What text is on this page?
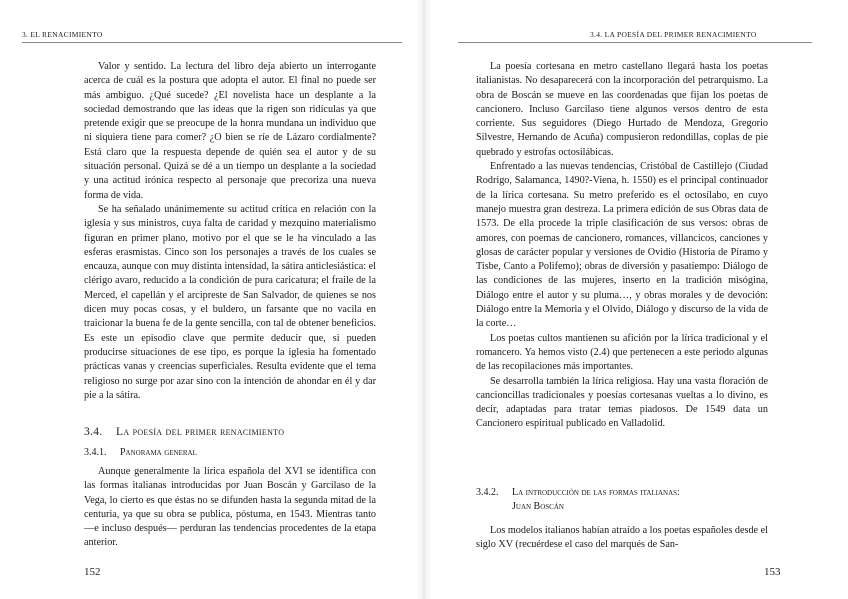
3. EL RENACIMIENTO

Valor y sentido. La lectura del libro deja abierto un interrogante acerca de cuál es la postura que adopta el autor. El final no puede ser más ambiguo. ¿Qué sucede? ¿El novelista hace un desplante a la sociedad demostrando que las ideas que la rigen son ridículas ya que pretende exigir que se preocupe de la honra mundana un individuo que ni siquiera tiene para comer? ¿O bien se ríe de Lázaro cordialmente? Está claro que la respuesta depende de quién sea el autor y de su situación personal. Quizá se dé a un tiempo un desplante a la sociedad y una actitud irónica respecto al personaje que precoriza una nueva forma de vida.

Se ha señalado unánimemente su actitud crítica en relación con la iglesia y sus ministros, cuya falta de caridad y mezquino materialismo figuran en primer plano, motivo por el que se le ha vinculado a las esferas erasmistas. Cinco son los personajes a través de los cuales se encauza, aunque con muy distinta intensidad, la sátira anticlesiástica: el clérigo avaro, reducido a la condición de pura caricatura; el fraile de la Merced, el capellán y el arcipreste de San Salvador, de quienes se nos dicen muy pocas cosas, y el buldero, un farsante que no vacila en traicionar la buena fe de la gente sencilla, con tal de obtener beneficios. Es este un episodio clave que permite deducir que, si pueden producirse situaciones de ese tipo, es porque la iglesia ha fomentado prácticas vanas y creencias superficiales. Resulta evidente que el tema religioso no surge por azar sino con la intención de ahondar en él y dar pie a la sátira.

3.4. La poesía del primer renacimiento
3.4.1. Panorama general

Aunque generalmente la lírica española del XVI se identifica con las formas italianas introducidas por Juan Boscán y Garcilaso de la Vega, lo cierto es que éstas no se difunden hasta la segunda mitad de la centuria, ya que su obra se publica, póstuma, en 1543. Mientras tanto —e incluso después— perduran las tendencias procedentes de la etapa anterior.

152
3.4. LA POESÍA DEL PRIMER RENACIMIENTO

La poesía cortesana en metro castellano llegará hasta los poetas italianistas. No desaparecerá con la incorporación del petrarquismo. La obra de Boscán se mueve en las coordenadas que fijan los poetas de cancionero. Incluso Garcilaso tiene algunos versos dentro de esta corriente. Sus seguidores (Diego Hurtado de Mendoza, Gregorio Silvestre, Hernando de Acuña) compusieron redondillas, coplas de pie quebrado y estrofas octosilábicas.

Enfrentado a las nuevas tendencias, Cristóbal de Castillejo (Ciudad Rodrigo, Salamanca, 1490?-Viena, h. 1550) es el principal continuador de la lírica cortesana. Su metro preferido es el octosílabo, en cuyo manejo muestra gran destreza. La primera edición de sus Obras data de 1573. De ella procede la triple clasificación de sus versos: obras de amores, con poemas de cancionero, romances, villancicos, canciones y glosas de carácter popular y versiones de Ovidio (Historia de Píramo y Tisbe, Canto a Polifemo); obras de diversión y pasatiempo: Diálogo de las condiciones de las mujeres, inserto en la tradición misógina, Diálogo entre el autor y su pluma…, y obras morales y de devoción: Diálogo entre la Memoria y el Olvido, Diálogo y discurso de la vida de la corte…

Los poetas cultos mantienen su afición por la lírica tradicional y el romancero. Ya hemos visto (2.4) que pertenecen a este periodo algunas de las recopilaciones más importantes.

Se desarrolla también la lírica religiosa. Hay una vasta floración de cancioncillas tradicionales y poesías cortesanas vueltas a lo divino, es decir, adaptadas para tratar temas piadosos. De 1549 data un Cancionero espiritual publicado en Valladolid.

3.4.2. La introducción de las formas italianas:
Juan Boscán

Los modelos italianos habían atraído a los poetas españoles desde el siglo XV (recuérdese el caso del marqués de San-

153
